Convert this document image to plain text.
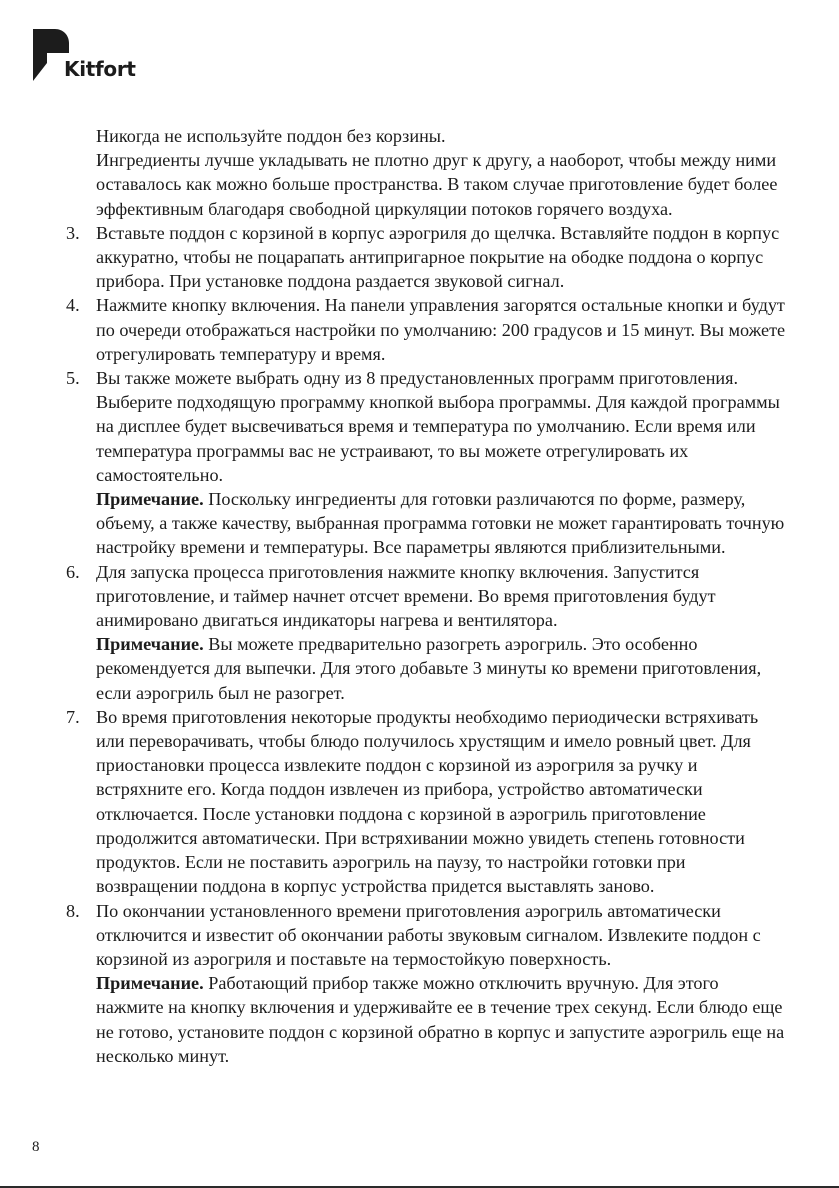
Kitfort

Никогда не используйте поддон без корзины.

Ингредиенты лучше укладывать не плотно друг к другу, а наоборот, чтобы между ними оставалось как можно больше пространства. В таком случае приготовление будет более эффективным благодаря свободной циркуляции потоков горячего воздуха.

3. Вставьте поддон с корзиной в корпус аэрогриля до щелчка. Вставляйте поддон в корпус аккуратно, чтобы не поцарапать антипригарное покрытие на ободке поддона о корпус прибора. При установке поддона раздается звуковой сигнал.

4. Нажмите кнопку включения. На панели управления загорятся остальные кнопки и будут по очереди отображаться настройки по умолчанию: 200 градусов и 15 минут. Вы можете отрегулировать температуру и время.

5. Вы также можете выбрать одну из 8 предустановленных программ приготовления. Выберите подходящую программу кнопкой выбора программы. Для каждой программы на дисплее будет высвечиваться время и температура по умолчанию. Если время или температура программы вас не устраивают, то вы можете отрегулировать их самостоятельно.

Примечание. Поскольку ингредиенты для готовки различаются по форме, размеру, объему, а также качеству, выбранная программа готовки не может гарантировать точную настройку времени и температуры. Все параметры являются приблизительными.

6. Для запуска процесса приготовления нажмите кнопку включения. Запустится приготовление, и таймер начнет отсчет времени. Во время приготовления будут анимировано двигаться индикаторы нагрева и вентилятора.

Примечание. Вы можете предварительно разогреть аэрогриль. Это особенно рекомендуется для выпечки. Для этого добавьте 3 минуты ко времени приготовления, если аэрогриль был не разогрет.

7. Во время приготовления некоторые продукты необходимо периодически встряхивать или переворачивать, чтобы блюдо получилось хрустящим и имело ровный цвет. Для приостановки процесса извлеките поддон с корзиной из аэрогриля за ручку и встряхните его. Когда поддон извлечен из прибора, устройство автоматически отключается. После установки поддона с корзиной в аэрогриль приготовление продолжится автоматически. При встряхивании можно увидеть степень готовности продуктов. Если не поставить аэрогриль на паузу, то настройки готовки при возвращении поддона в корпус устройства придется выставлять заново.

8. По окончании установленного времени приготовления аэрогриль автоматически отключится и известит об окончании работы звуковым сигналом. Извлеките поддон с корзиной из аэрогриля и поставьте на термостойкую поверхность.

Примечание. Работающий прибор также можно отключить вручную. Для этого нажмите на кнопку включения и удерживайте ее в течение трех секунд. Если блюдо еще не готово, установите поддон с корзиной обратно в корпус и запустите аэрогриль еще на несколько минут.

8
